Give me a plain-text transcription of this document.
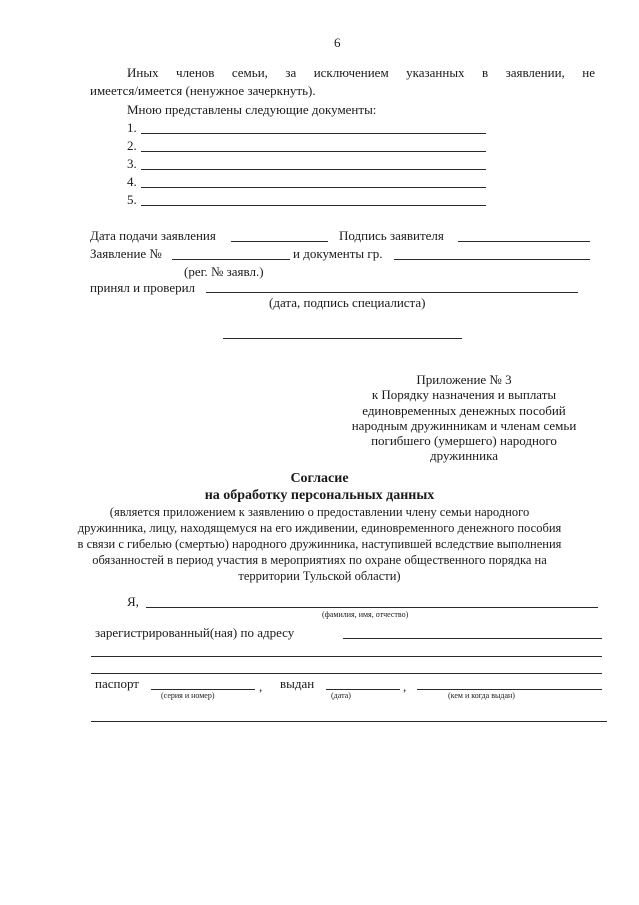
6
Иных членов семьи, за исключением указанных в заявлении, не
имеется/имеется (ненужное зачеркнуть).
Мною представлены следующие документы:
1.
2.
3.
4.
5.
Дата подачи заявления	Подпись заявителя
Заявление №	и документы гр.
(рег. № заявл.)
принял и проверил
(дата, подпись специалиста)
Приложение № 3
к Порядку назначения и выплаты
единовременных денежных пособий
народным дружинникам и членам семьи
погибшего (умершего) народного
дружинника
Согласие
на обработку персональных данных
(является приложением к заявлению о предоставлении члену семьи народного
дружинника, лицу, находящемуся на его иждивении, единовременного денежного пособия
в связи с гибелью (смертью) народного дружинника, наступившей вследствие выполнения
обязанностей в период участия в мероприятиях по охране общественного порядка на
территории Тульской области)
Я,
(фамилия, имя, отчество)
зарегистрированный(ная) по адресу
паспорт	, выдан	,
(серия и номер)	(дата)	(кем и когда выдан)
